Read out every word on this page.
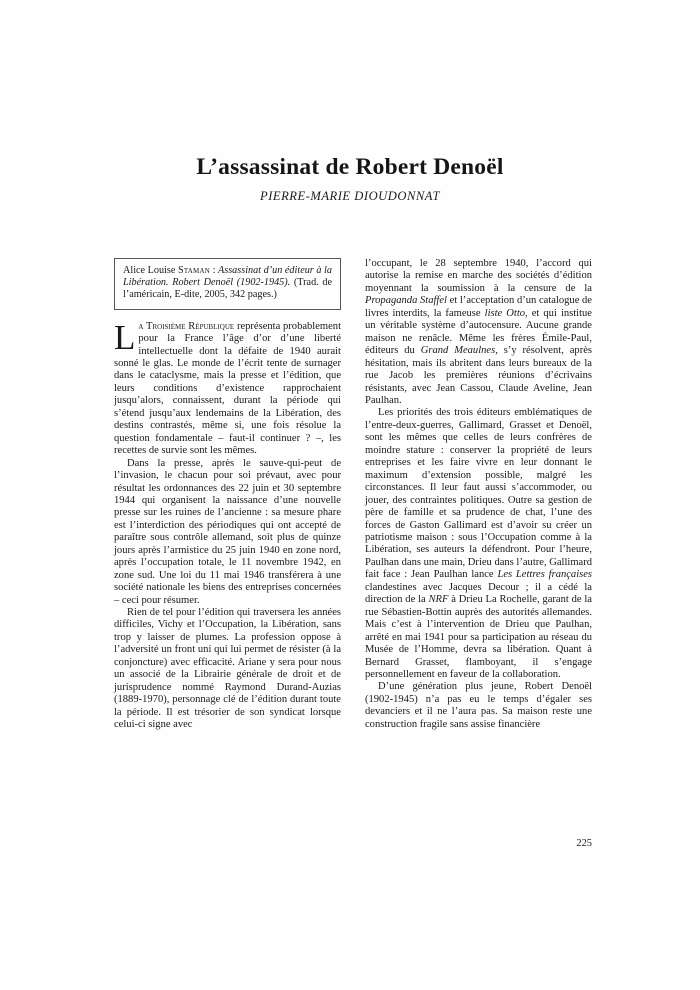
L’assassinat de Robert Denoël
PIERRE-MARIE DIOUDONNAT
Alice Louise Staman : Assassinat d’un éditeur à la Libération. Robert Denoël (1902-1945). (Trad. de l’américain, E-dite, 2005, 342 pages.)

La Troisième République représenta probablement pour la France l’âge d’or d’une liberté intellectuelle dont la défaite de 1940 aurait sonné le glas. Le monde de l’écrit tente de surnager dans le cataclysme, mais la presse et l’édition, que leurs conditions d’existence rapprochaient jusqu’alors, connaissent, durant la période qui s’étend jusqu’aux lendemains de la Libération, des destins contrastés, même si, une fois résolue la question fondamentale – faut-il continuer ? –, les recettes de survie sont les mêmes.

Dans la presse, après le sauve-qui-peut de l’invasion, le chacun pour soi prévaut, avec pour résultat les ordonnances des 22 juin et 30 septembre 1944 qui organisent la naissance d’une nouvelle presse sur les ruines de l’ancienne : sa mesure phare est l’interdiction des périodiques qui ont accepté de paraître sous contrôle allemand, soit plus de quinze jours après l’armistice du 25 juin 1940 en zone nord, après l’occupation totale, le 11 novembre 1942, en zone sud. Une loi du 11 mai 1946 transférera à une société nationale les biens des entreprises concernées – ceci pour résumer.

Rien de tel pour l’édition qui traversera les années difficiles, Vichy et l’Occupation, la Libération, sans trop y laisser de plumes. La profession oppose à l’adversité un front uni qui lui permet de résister (à la conjoncture) avec efficacité. Ariane y sera pour nous un associé de la Librairie générale de droit et de jurisprudence nommé Raymond Durand-Auzias (1889-1970), personnage clé de l’édition durant toute la période. Il est trésorier de son syndicat lorsque celui-ci signe avec

l’occupant, le 28 septembre 1940, l’accord qui autorise la remise en marche des sociétés d’édition moyennant la soumission à la censure de la Propaganda Staffel et l’acceptation d’un catalogue de livres interdits, la fameuse liste Otto, et qui institue un véritable système d’autocensure. Aucune grande maison ne renâcle. Même les frères Émile-Paul, éditeurs du Grand Meaulnes, s’y résolvent, après hésitation, mais ils abritent dans leurs bureaux de la rue Jacob les premières réunions d’écrivains résistants, avec Jean Cassou, Claude Aveline, Jean Paulhan.

Les priorités des trois éditeurs emblématiques de l’entre-deux-guerres, Gallimard, Grasset et Denoël, sont les mêmes que celles de leurs confrères de moindre stature : conserver la propriété de leurs entreprises et les faire vivre en leur donnant le maximum d’extension possible, malgré les circonstances. Il leur faut aussi s’accommoder, ou jouer, des contraintes politiques. Outre sa gestion de père de famille et sa prudence de chat, l’une des forces de Gaston Gallimard est d’avoir su créer un patriotisme maison : sous l’Occupation comme à la Libération, ses auteurs la défendront. Pour l’heure, Paulhan dans une main, Drieu dans l’autre, Gallimard fait face : Jean Paulhan lance Les Lettres françaises clandestines avec Jacques Decour ; il a cédé la direction de la NRF à Drieu La Rochelle, garant de la rue Sébastien-Bottin auprès des autorités allemandes. Mais c’est à l’intervention de Drieu que Paulhan, arrêté en mai 1941 pour sa participation au réseau du Musée de l’Homme, devra sa libération. Quant à Bernard Grasset, flamboyant, il s’engage personnellement en faveur de la collaboration.

D’une génération plus jeune, Robert Denoël (1902-1945) n’a pas eu le temps d’égaler ses devanciers et il ne l’aura pas. Sa maison reste une construction fragile sans assise financière

225
